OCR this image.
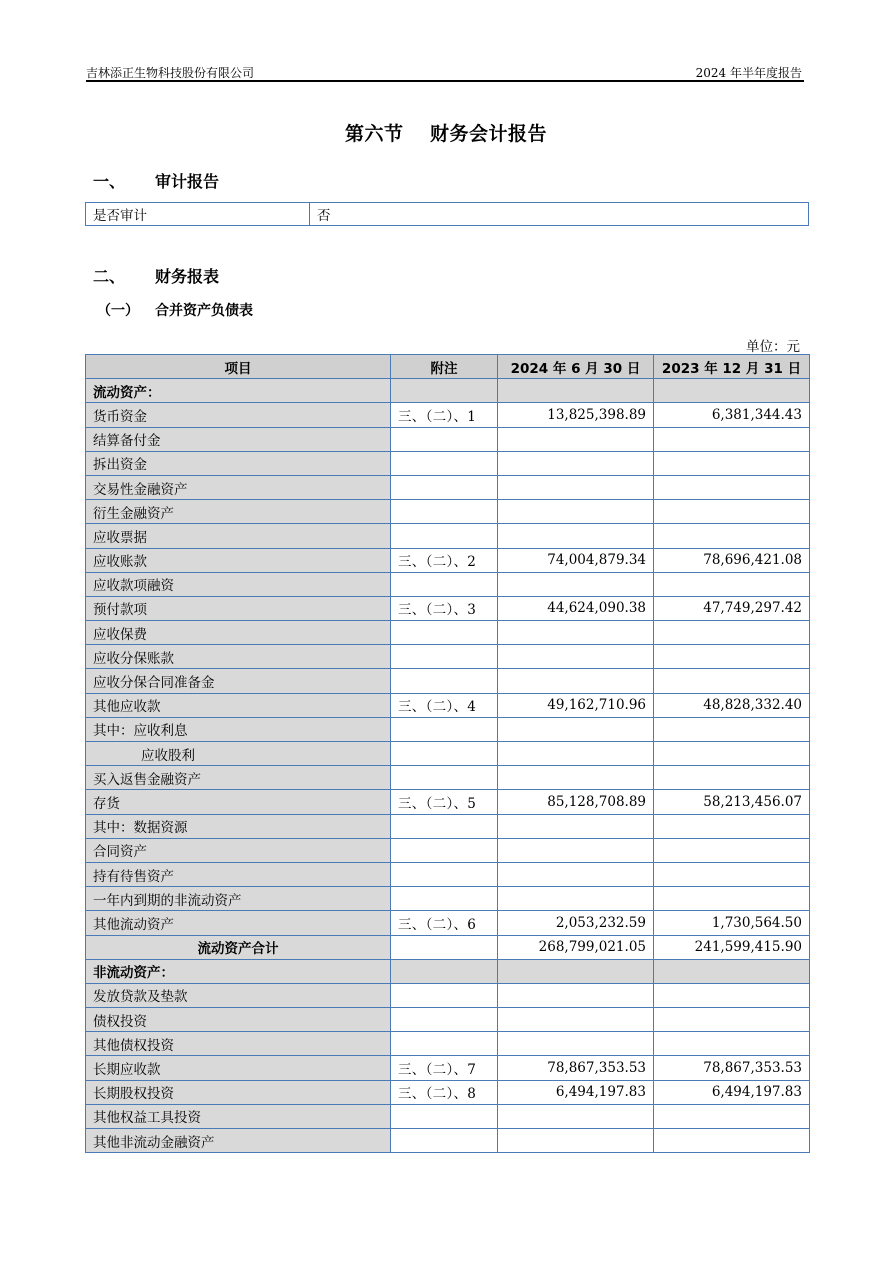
吉林添正生物科技股份有限公司	2024 年半年度报告
第六节　 财务会计报告
一、 审计报告
是否审计	否
二、 财务报表
（一） 合并资产负债表
单位：元
项目	附注	2024 年 6 月 30 日	2023 年 12 月 31 日
流动资产：			
货币资金	三、（二）、1	13,825,398.89	6,381,344.43
结算备付金			
拆出资金			
交易性金融资产			
衍生金融资产			
应收票据			
应收账款	三、（二）、2	74,004,879.34	78,696,421.08
应收款项融资			
预付款项	三、（二）、3	44,624,090.38	47,749,297.42
应收保费			
应收分保账款			
应收分保合同准备金			
其他应收款	三、（二）、4	49,162,710.96	48,828,332.40
其中：应收利息			
应收股利			
买入返售金融资产			
存货	三、（二）、5	85,128,708.89	58,213,456.07
其中：数据资源			
合同资产			
持有待售资产			
一年内到期的非流动资产			
其他流动资产	三、（二）、6	2,053,232.59	1,730,564.50
流动资产合计		268,799,021.05	241,599,415.90
非流动资产：			
发放贷款及垫款			
债权投资			
其他债权投资			
长期应收款	三、（二）、7	78,867,353.53	78,867,353.53
长期股权投资	三、（二）、8	6,494,197.83	6,494,197.83
其他权益工具投资			
其他非流动金融资产			
